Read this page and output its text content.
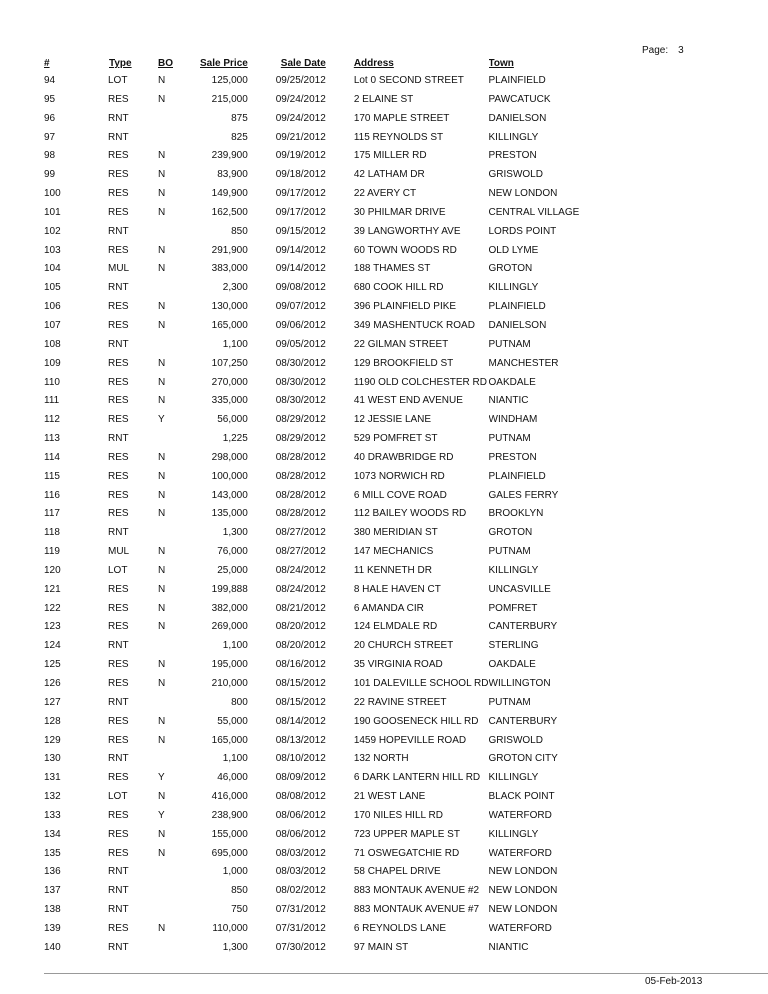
Page: 3
#	Type	BO	Sale Price	Sale Date	Address	Town
94	LOT	N	125,000	09/25/2012	Lot 0 SECOND STREET	PLAINFIELD
95	RES	N	215,000	09/24/2012	2 ELAINE ST	PAWCATUCK
96	RNT		875	09/24/2012	170 MAPLE STREET	DANIELSON
97	RNT		825	09/21/2012	115 REYNOLDS ST	KILLINGLY
98	RES	N	239,900	09/19/2012	175 MILLER RD	PRESTON
99	RES	N	83,900	09/18/2012	42 LATHAM DR	GRISWOLD
100	RES	N	149,900	09/17/2012	22 AVERY CT	NEW LONDON
101	RES	N	162,500	09/17/2012	30 PHILMAR DRIVE	CENTRAL VILLAGE
102	RNT		850	09/15/2012	39 LANGWORTHY AVE	LORDS POINT
103	RES	N	291,900	09/14/2012	60 TOWN WOODS RD	OLD LYME
104	MUL	N	383,000	09/14/2012	188 THAMES ST	GROTON
105	RNT		2,300	09/08/2012	680 COOK HILL RD	KILLINGLY
106	RES	N	130,000	09/07/2012	396 PLAINFIELD PIKE	PLAINFIELD
107	RES	N	165,000	09/06/2012	349 MASHENTUCK ROAD	DANIELSON
108	RNT		1,100	09/05/2012	22 GILMAN STREET	PUTNAM
109	RES	N	107,250	08/30/2012	129 BROOKFIELD ST	MANCHESTER
110	RES	N	270,000	08/30/2012	1190 OLD COLCHESTER RD	OAKDALE
111	RES	N	335,000	08/30/2012	41 WEST END AVENUE	NIANTIC
112	RES	Y	56,000	08/29/2012	12 JESSIE LANE	WINDHAM
113	RNT		1,225	08/29/2012	529 POMFRET ST	PUTNAM
114	RES	N	298,000	08/28/2012	40 DRAWBRIDGE RD	PRESTON
115	RES	N	100,000	08/28/2012	1073 NORWICH RD	PLAINFIELD
116	RES	N	143,000	08/28/2012	6 MILL COVE ROAD	GALES FERRY
117	RES	N	135,000	08/28/2012	112 BAILEY WOODS RD	BROOKLYN
118	RNT		1,300	08/27/2012	380 MERIDIAN ST	GROTON
119	MUL	N	76,000	08/27/2012	147 MECHANICS	PUTNAM
120	LOT	N	25,000	08/24/2012	11 KENNETH DR	KILLINGLY
121	RES	N	199,888	08/24/2012	8 HALE HAVEN CT	UNCASVILLE
122	RES	N	382,000	08/21/2012	6 AMANDA CIR	POMFRET
123	RES	N	269,000	08/20/2012	124 ELMDALE RD	CANTERBURY
124	RNT		1,100	08/20/2012	20 CHURCH STREET	STERLING
125	RES	N	195,000	08/16/2012	35 VIRGINIA ROAD	OAKDALE
126	RES	N	210,000	08/15/2012	101 DALEVILLE SCHOOL RD	WILLINGTON
127	RNT		800	08/15/2012	22 RAVINE STREET	PUTNAM
128	RES	N	55,000	08/14/2012	190 GOOSENECK HILL RD	CANTERBURY
129	RES	N	165,000	08/13/2012	1459 HOPEVILLE ROAD	GRISWOLD
130	RNT		1,100	08/10/2012	132 NORTH	GROTON CITY
131	RES	Y	46,000	08/09/2012	6 DARK LANTERN HILL RD	KILLINGLY
132	LOT	N	416,000	08/08/2012	21 WEST LANE	BLACK POINT
133	RES	Y	238,900	08/06/2012	170 NILES HILL RD	WATERFORD
134	RES	N	155,000	08/06/2012	723 UPPER MAPLE ST	KILLINGLY
135	RES	N	695,000	08/03/2012	71 OSWEGATCHIE RD	WATERFORD
136	RNT		1,000	08/03/2012	58 CHAPEL DRIVE	NEW LONDON
137	RNT		850	08/02/2012	883 MONTAUK AVENUE #2	NEW LONDON
138	RNT		750	07/31/2012	883 MONTAUK AVENUE #7	NEW LONDON
139	RES	N	110,000	07/31/2012	6 REYNOLDS LANE	WATERFORD
140	RNT		1,300	07/30/2012	97 MAIN ST	NIANTIC
05-Feb-2013
